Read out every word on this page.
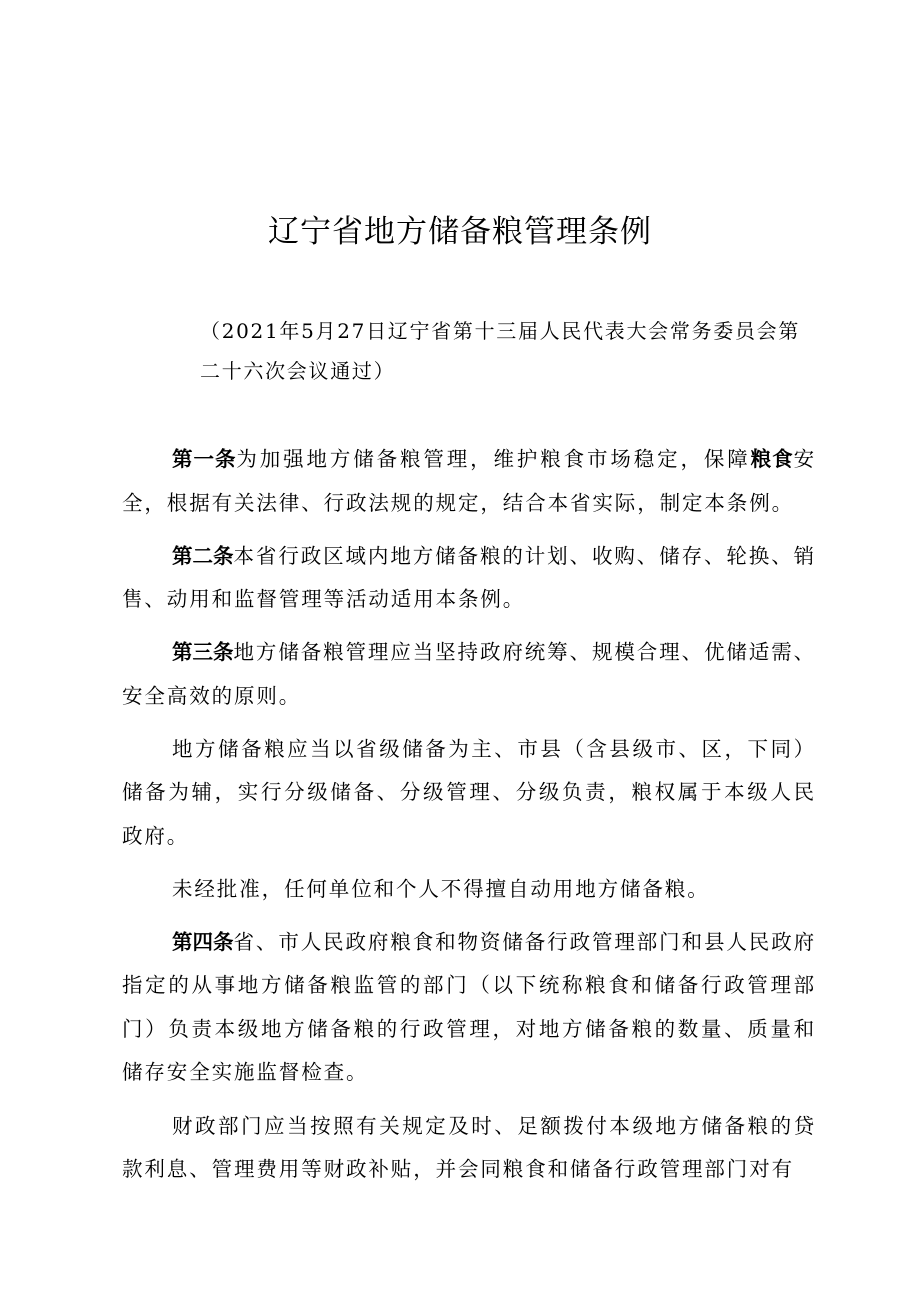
辽宁省地方储备粮管理条例
（2021年5月27日辽宁省第十三届人民代表大会常务委员会第二十六次会议通过）

第一条为加强地方储备粮管理，维护粮食市场稳定，保障粮食安全，根据有关法律、行政法规的规定，结合本省实际，制定本条例。

第二条本省行政区域内地方储备粮的计划、收购、储存、轮换、销售、动用和监督管理等活动适用本条例。

第三条地方储备粮管理应当坚持政府统筹、规模合理、优储适需、安全高效的原则。

地方储备粮应当以省级储备为主、市县（含县级市、区，下同）储备为辅，实行分级储备、分级管理、分级负责，粮权属于本级人民政府。

未经批准，任何单位和个人不得擅自动用地方储备粮。

第四条省、市人民政府粮食和物资储备行政管理部门和县人民政府指定的从事地方储备粮监管的部门（以下统称粮食和储备行政管理部门）负责本级地方储备粮的行政管理，对地方储备粮的数量、质量和储存安全实施监督检查。

财政部门应当按照有关规定及时、足额拨付本级地方储备粮的贷款利息、管理费用等财政补贴，并会同粮食和储备行政管理部门对有
